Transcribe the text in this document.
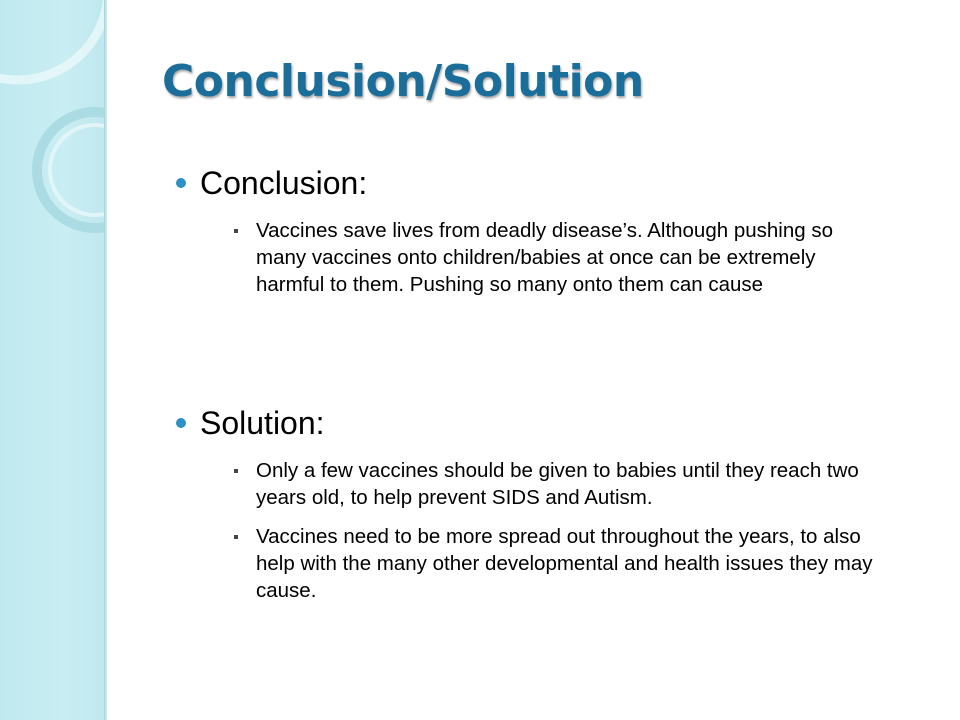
Conclusion/Solution
Conclusion:
Vaccines save lives from deadly disease’s. Although pushing so many vaccines onto children/babies at once can be extremely harmful to them. Pushing so many onto them can cause
Solution:
Only a few vaccines should be given to babies until they reach two years old, to help prevent SIDS and Autism.
Vaccines need to be more spread out throughout the years, to also help with the many other developmental and health issues they may cause.
